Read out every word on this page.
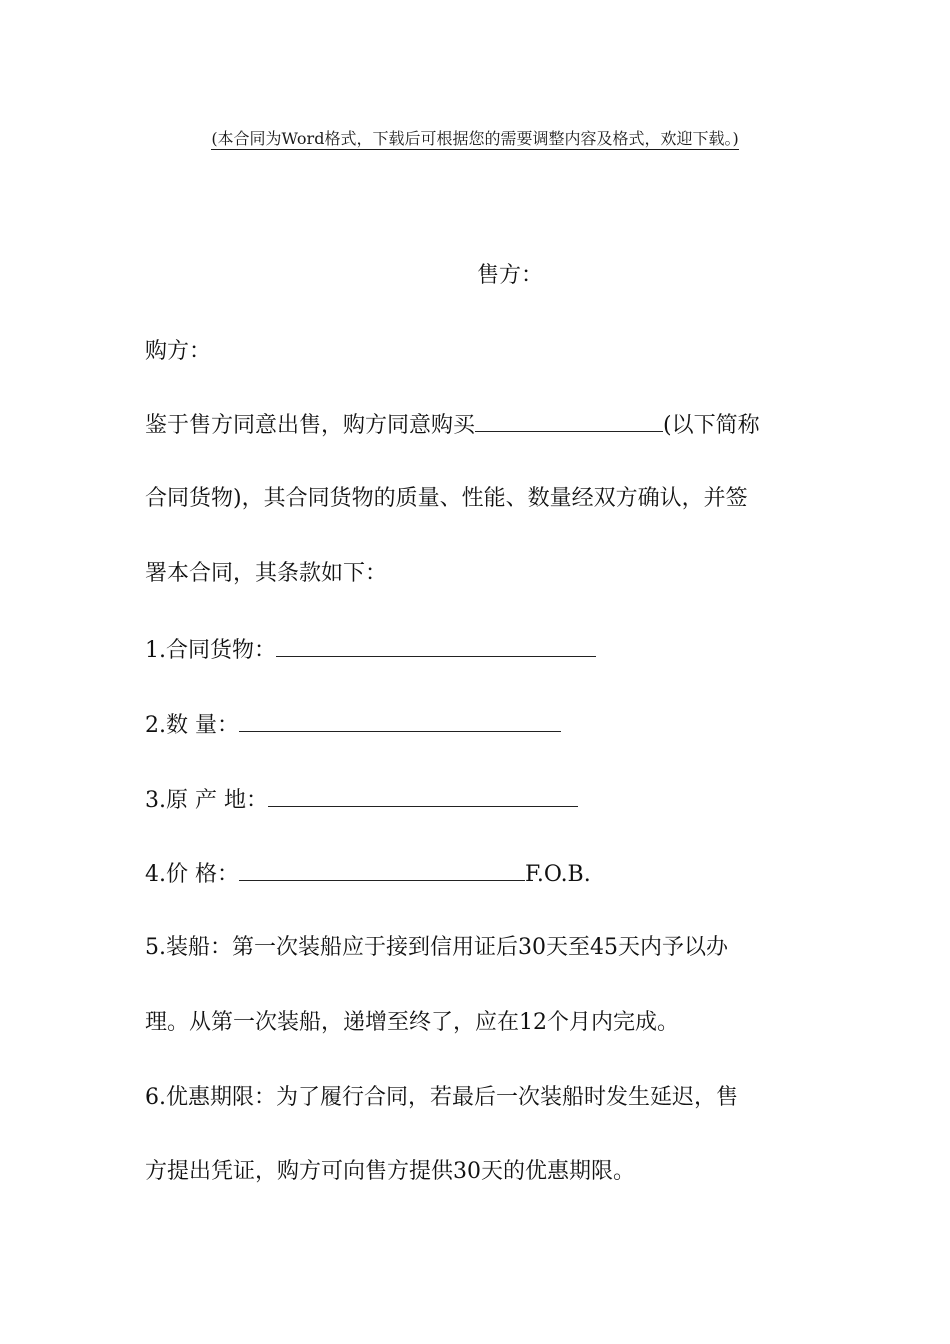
(本合同为Word格式，下载后可根据您的需要调整内容及格式，欢迎下载。)
售方：
购方：
鉴于售方同意出售，购方同意购买	(以下简称
合同货物)，其合同货物的质量、性能、数量经双方确认，并签
署本合同，其条款如下：
1.合同货物：
2.数 量：
3.原 产 地：
4.价 格：	F.O.B.
5.装船：第一次装船应于接到信用证后30天至45天内予以办
理。从第一次装船，递增至终了，应在12个月内完成。
6.优惠期限：为了履行合同，若最后一次装船时发生延迟，售
方提出凭证，购方可向售方提供30天的优惠期限。
